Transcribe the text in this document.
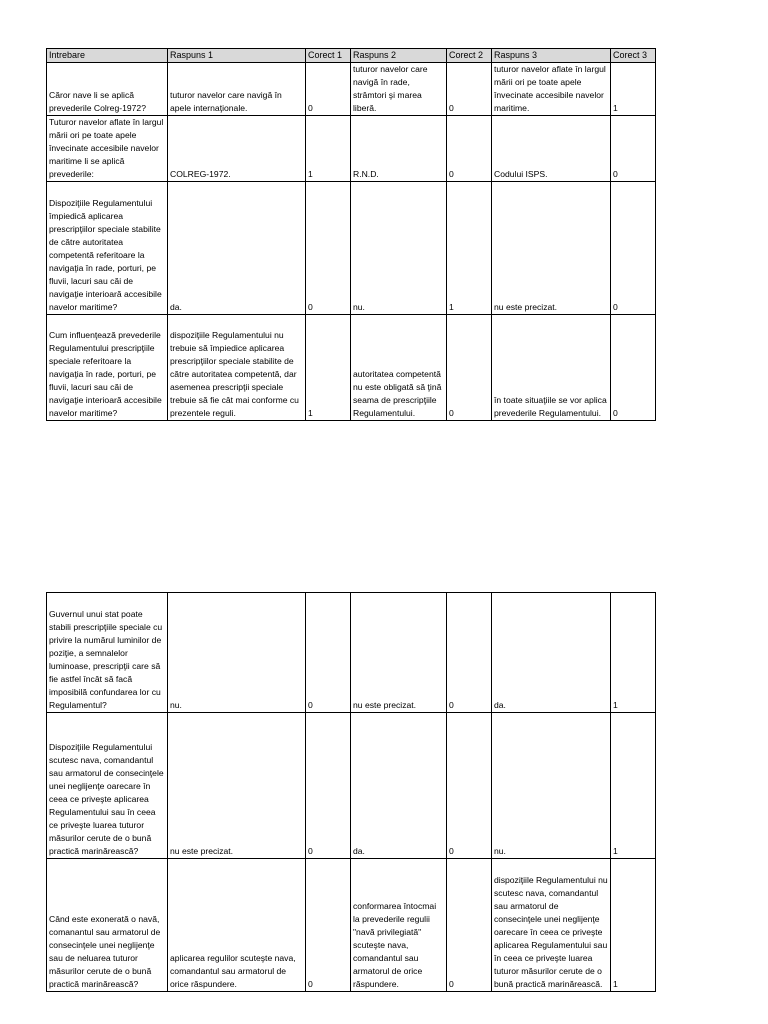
Intrebare	Raspuns 1	Corect 1	Raspuns 2	Corect 2	Raspuns 3	Corect 3
Căror nave li se aplică prevederile Colreg-1972?	tuturor navelor care navigă în apele internaţionale.	0	tuturor navelor care navigă în rade, strâmtori şi marea liberă.	0	tuturor navelor aflate în largul mării ori pe toate apele învecinate accesibile navelor maritime.	1
Tuturor navelor aflate în largul mării ori pe toate apele învecinate accesibile navelor maritime li se aplică prevederile:	COLREG-1972.	1	R.N.D.	0	Codului ISPS.	0
Dispoziţiile Regulamentului împiedică aplicarea prescripţiilor speciale stabilite de către autoritatea competentă referitoare la navigaţia în rade, porturi, pe fluvii, lacuri sau căi de navigaţie interioară accesibile navelor maritime?	da.	0	nu.	1	nu este precizat.	0
Cum influenţează prevederile Regulamentului prescripţiile speciale referitoare la navigaţia în rade, porturi, pe fluvii, lacuri sau căi de navigaţie interioară accesibile navelor maritime?	dispoziţiile Regulamentului nu trebuie să împiedice aplicarea prescripţiilor speciale stabilite de către autoritatea competentă, dar asemenea prescripţii speciale trebuie să fie cât mai conforme cu prezentele reguli.	1	autoritatea competentă nu este obligată să ţină seama de prescripţiile Regulamentului.	0	în toate situaţiile se vor aplica prevederile Regulamentului.	0
Guvernul unui stat poate stabili prescripţiile speciale cu privire la numărul luminilor de poziţie, a semnalelor luminoase, prescripţii care să fie astfel încât să facă imposibilă confundarea lor cu Regulamentul?	nu.	0	nu este precizat.	0	da.	1
Dispoziţiile Regulamentului scutesc nava, comandantul sau armatorul de consecinţele unei neglijenţe oarecare în ceea ce priveşte aplicarea Regulamentului sau în ceea ce priveşte luarea tuturor măsurilor cerute de o bună practică marinărească?	nu este precizat.	0	da.	0	nu.	1
Când este exonerată o navă, comanantul sau armatorul de consecinţele unei neglijenţe sau de neluarea tuturor măsurilor cerute de o bună practică marinărească?	aplicarea regulilor scuteşte nava, comandantul sau armatorul de orice răspundere.	0	conformarea întocmai la prevederile regulii "navă privilegiată" scuteşte nava, comandantul sau armatorul de orice răspundere.	0	dispoziţiile Regulamentului nu scutesc nava, comandantul sau armatorul de consecinţele unei neglijenţe oarecare în ceea ce priveşte aplicarea Regulamentului sau în ceea ce priveşte luarea tuturor măsurilor cerute de o bună practică marinărească.	1
